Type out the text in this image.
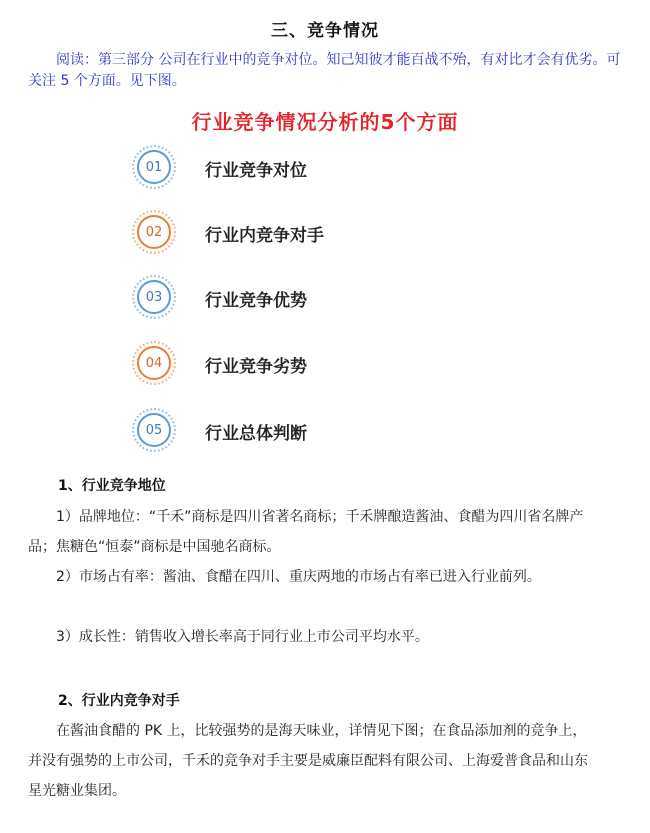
三、竞争情况
阅读：第三部分 公司在行业中的竞争对位。知己知彼才能百战不殆，有对比才会有优劣。可关注 5 个方面。见下图。
行业竞争情况分析的5个方面
01	行业竞争对位
02	行业内竞争对手
03	行业竞争优势
04	行业竞争劣势
05	行业总体判断
1、行业竞争地位
1）品牌地位：“千禾”商标是四川省著名商标；千禾牌酿造酱油、食醋为四川省名牌产品；焦糖色“恒泰”商标是中国驰名商标。
2）市场占有率：酱油、食醋在四川、重庆两地的市场占有率已进入行业前列。
3）成长性：销售收入增长率高于同行业上市公司平均水平。
2、行业内竞争对手
在酱油食醋的 PK 上，比较强势的是海天味业，详情见下图；在食品添加剂的竞争上，并没有强势的上市公司，千禾的竞争对手主要是威廉臣配料有限公司、上海爱普食品和山东星光糖业集团。
